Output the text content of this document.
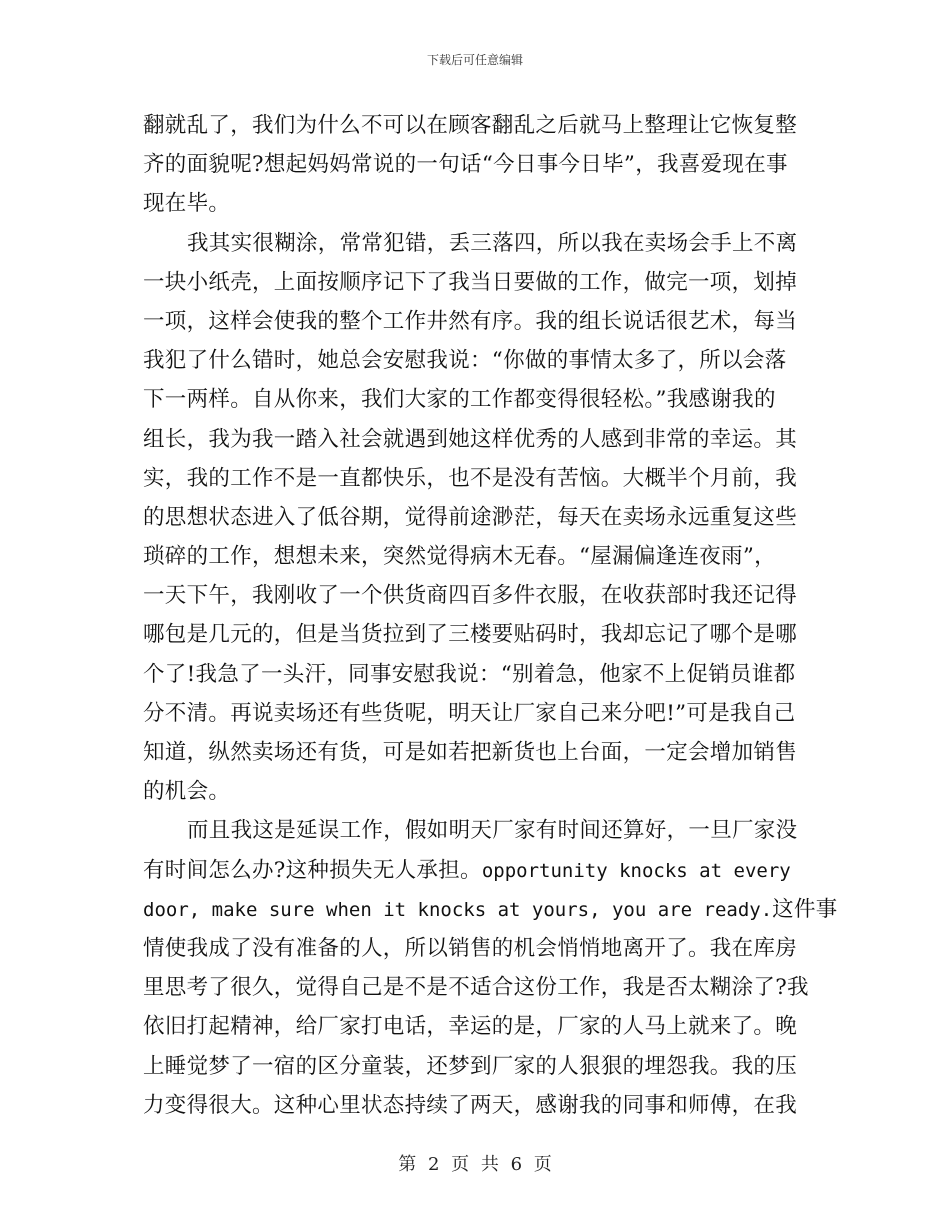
下载后可任意编辑
翻就乱了，我们为什么不可以在顾客翻乱之后就马上整理让它恢复整
齐的面貌呢?想起妈妈常说的一句话“今日事今日毕”，我喜爱现在事
现在毕。
我其实很糊涂，常常犯错，丢三落四，所以我在卖场会手上不离
一块小纸壳，上面按顺序记下了我当日要做的工作，做完一项，划掉
一项，这样会使我的整个工作井然有序。我的组长说话很艺术，每当
我犯了什么错时，她总会安慰我说：“你做的事情太多了，所以会落
下一两样。自从你来，我们大家的工作都变得很轻松。”我感谢我的
组长，我为我一踏入社会就遇到她这样优秀的人感到非常的幸运。其
实，我的工作不是一直都快乐，也不是没有苦恼。大概半个月前，我
的思想状态进入了低谷期，觉得前途渺茫，每天在卖场永远重复这些
琐碎的工作，想想未来，突然觉得病木无春。“屋漏偏逢连夜雨”，
一天下午，我刚收了一个供货商四百多件衣服，在收获部时我还记得
哪包是几元的，但是当货拉到了三楼要贴码时，我却忘记了哪个是哪
个了!我急了一头汗，同事安慰我说：“别着急，他家不上促销员谁都
分不清。再说卖场还有些货呢，明天让厂家自己来分吧!”可是我自己
知道，纵然卖场还有货，可是如若把新货也上台面，一定会增加销售
的机会。
而且我这是延误工作，假如明天厂家有时间还算好，一旦厂家没
有时间怎么办?这种损失无人承担。opportunity knocks at every
door, make sure when it knocks at yours, you are ready.这件事
情使我成了没有准备的人，所以销售的机会悄悄地离开了。我在库房
里思考了很久，觉得自己是不是不适合这份工作，我是否太糊涂了?我
依旧打起精神，给厂家打电话，幸运的是，厂家的人马上就来了。晚
上睡觉梦了一宿的区分童装，还梦到厂家的人狠狠的埋怨我。我的压
力变得很大。这种心里状态持续了两天，感谢我的同事和师傅，在我
第 2 页 共 6 页
